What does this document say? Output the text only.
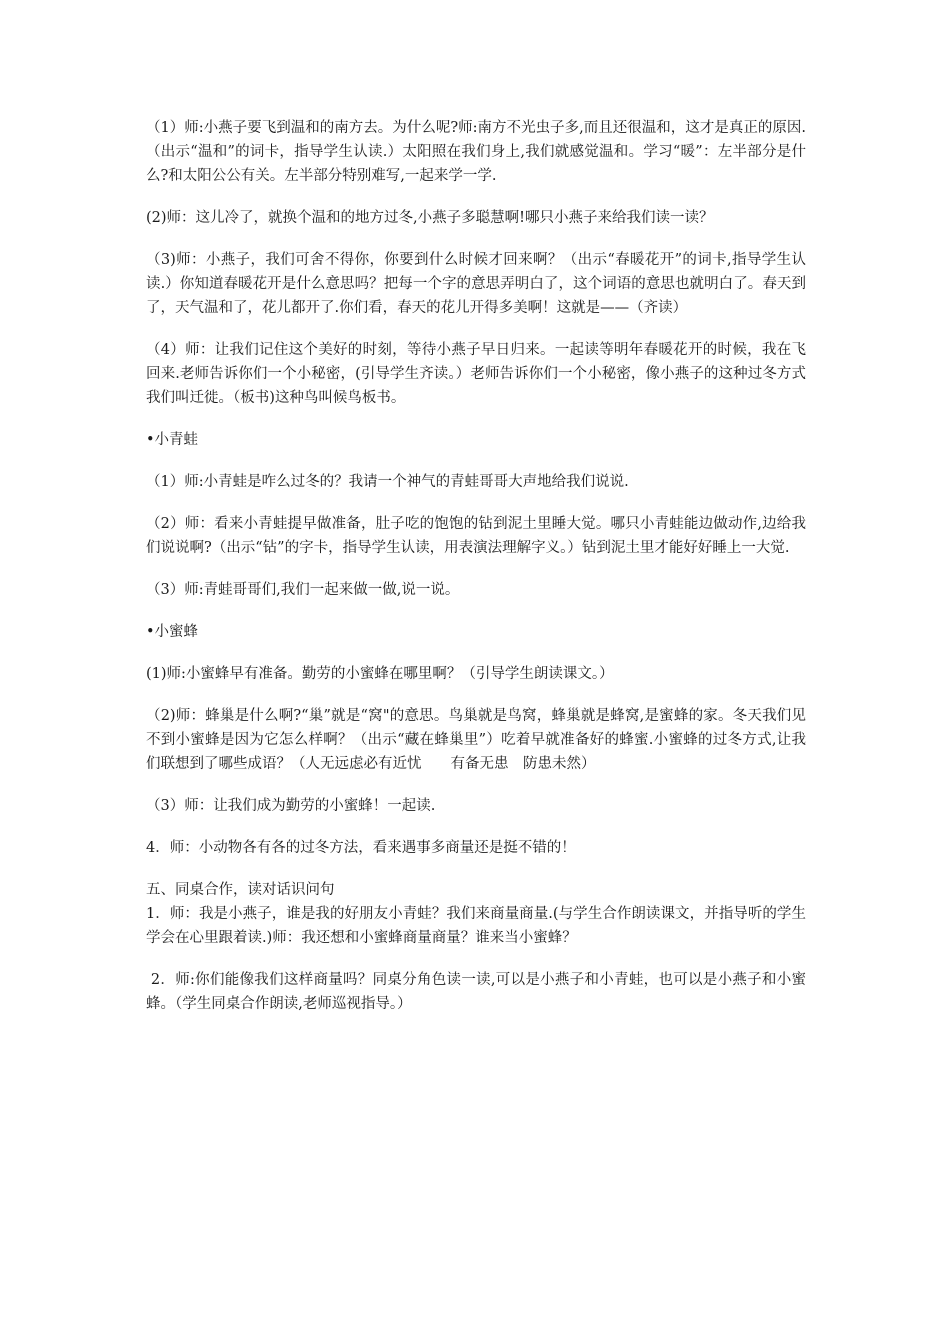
（1）师:小燕子要飞到温和的南方去。为什么呢?师:南方不光虫子多,而且还很温和，这才是真正的原因.（出示“温和”的词卡，指导学生认读.）太阳照在我们身上,我们就感觉温和。学习“暖”：左半部分是什么?和太阳公公有关。左半部分特别难写,一起来学一学.

(2)师：这儿冷了，就换个温和的地方过冬,小燕子多聪慧啊!哪只小燕子来给我们读一读？

（3)师：小燕子，我们可舍不得你，你要到什么时候才回来啊？（出示“春暖花开”的词卡,指导学生认读.）你知道春暖花开是什么意思吗？把每一个字的意思弄明白了，这个词语的意思也就明白了。春天到了，天气温和了，花儿都开了.你们看，春天的花儿开得多美啊！这就是——（齐读）

（4）师：让我们记住这个美好的时刻，等待小燕子早日归来。一起读等明年春暖花开的时候，我在飞回来.老师告诉你们一个小秘密，(引导学生齐读。）老师告诉你们一个小秘密，像小燕子的这种过冬方式我们叫迁徙。（板书)这种鸟叫候鸟板书。

•小青蛙

（1）师:小青蛙是咋么过冬的？我请一个神气的青蛙哥哥大声地给我们说说.

（2）师：看来小青蛙提早做准备，肚子吃的饱饱的钻到泥土里睡大觉。哪只小青蛙能边做动作,边给我们说说啊?（出示“钻”的字卡，指导学生认读，用表演法理解字义。）钻到泥土里才能好好睡上一大觉.

（3）师:青蛙哥哥们,我们一起来做一做,说一说。

•小蜜蜂

(1)师:小蜜蜂早有准备。勤劳的小蜜蜂在哪里啊？（引导学生朗读课文。）

（2)师：蜂巢是什么啊?“巢”就是“窝"的意思。鸟巢就是鸟窝，蜂巢就是蜂窝,是蜜蜂的家。冬天我们见不到小蜜蜂是因为它怎么样啊？（出示“藏在蜂巢里”）吃着早就准备好的蜂蜜.小蜜蜂的过冬方式,让我们联想到了哪些成语？（人无远虑必有近忧　　有备无患　防患未然）

（3）师：让我们成为勤劳的小蜜蜂！一起读.

4．师：小动物各有各的过冬方法，看来遇事多商量还是挺不错的！

五、同桌合作，读对话识问句

1．师：我是小燕子，谁是我的好朋友小青蛙？我们来商量商量.(与学生合作朗读课文，并指导听的学生学会在心里跟着读.)师：我还想和小蜜蜂商量商量？谁来当小蜜蜂？

2．师:你们能像我们这样商量吗？同桌分角色读一读,可以是小燕子和小青蛙，也可以是小燕子和小蜜蜂。（学生同桌合作朗读,老师巡视指导。）
